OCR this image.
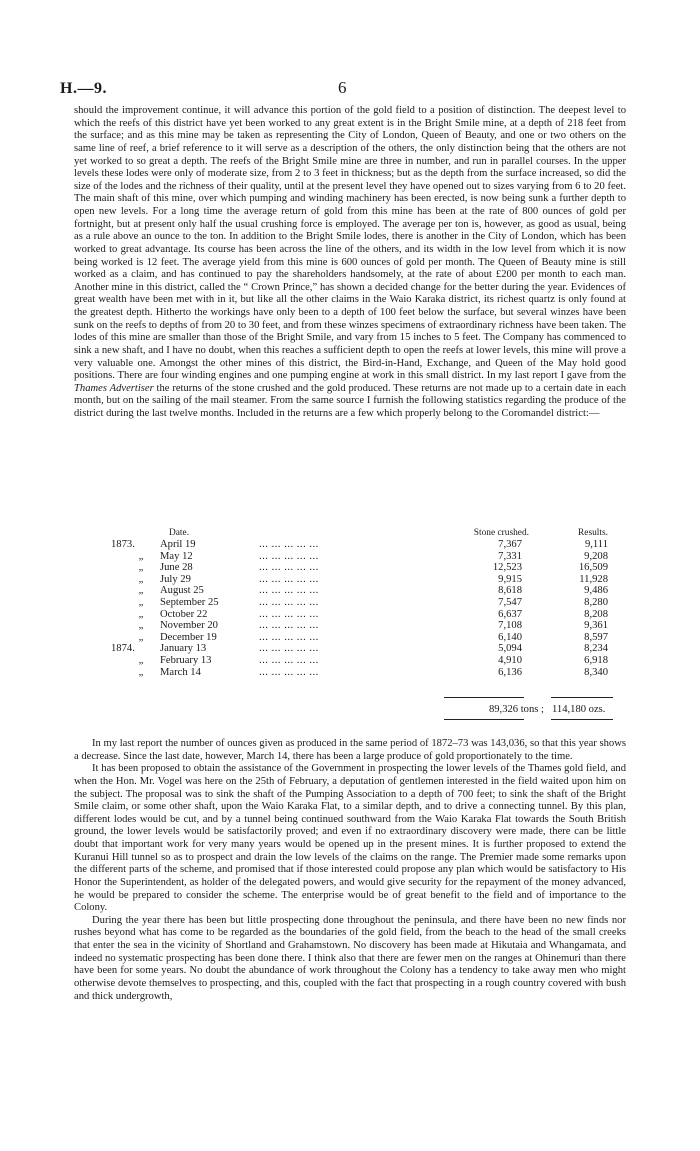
H.—9.	6

should the improvement continue, it will advance this portion of the gold field to a position of distinction. The deepest level to which the reefs of this district have yet been worked to any great extent is in the Bright Smile mine, at a depth of 218 feet from the surface; and as this mine may be taken as representing the City of London, Queen of Beauty, and one or two others on the same line of reef, a brief reference to it will serve as a description of the others, the only distinction being that the others are not yet worked to so great a depth. The reefs of the Bright Smile mine are three in number, and run in parallel courses. In the upper levels these lodes were only of moderate size, from 2 to 3 feet in thickness; but as the depth from the surface increased, so did the size of the lodes and the richness of their quality, until at the present level they have opened out to sizes varying from 6 to 20 feet. The main shaft of this mine, over which pumping and winding machinery has been erected, is now being sunk a further depth to open new levels. For a long time the average return of gold from this mine has been at the rate of 800 ounces of gold per fortnight, but at present only half the usual crushing force is employed. The average per ton is, however, as good as usual, being as a rule above an ounce to the ton. In addition to the Bright Smile lodes, there is another in the City of London, which has been worked to great advantage. Its course has been across the line of the others, and its width in the low level from which it is now being worked is 12 feet. The average yield from this mine is 600 ounces of gold per month. The Queen of Beauty mine is still worked as a claim, and has continued to pay the shareholders handsomely, at the rate of about £200 per month to each man. Another mine in this district, called the “ Crown Prince,” has shown a decided change for the better during the year. Evidences of great wealth have been met with in it, but like all the other claims in the Waio Karaka district, its richest quartz is only found at the greatest depth. Hitherto the workings have only been to a depth of 100 feet below the surface, but several winzes have been sunk on the reefs to depths of from 20 to 30 feet, and from these winzes specimens of extraordinary richness have been taken. The lodes of this mine are smaller than those of the Bright Smile, and vary from 15 inches to 5 feet. The Company has commenced to sink a new shaft, and I have no doubt, when this reaches a sufficient depth to open the reefs at lower levels, this mine will prove a very valuable one. Amongst the other mines of this district, the Bird-in-Hand, Exchange, and Queen of the May hold good positions. There are four winding engines and one pumping engine at work in this small district. In my last report I gave from the Thames Advertiser the returns of the stone crushed and the gold produced. These returns are not made up to a certain date in each month, but on the sailing of the mail steamer. From the same source I furnish the following statistics regarding the produce of the district during the last twelve months. Included in the returns are a few which properly belong to the Coromandel district:—

Date.	Stone crushed.	Results.
1873.	April 19	... ... ... ... ...	7,367	9,111
„	May 12	... ... ... ... ...	7,331	9,208
„	June 28	... ... ... ... ...	12,523	16,509
„	July 29	... ... ... ... ...	9,915	11,928
„	August 25	... ... ... ... ...	8,618	9,486
„	September 25	... ... ... ... ...	7,547	8,280
„	October 22	... ... ... ... ...	6,637	8,208
„	November 20	... ... ... ... ...	7,108	9,361
„	December 19	... ... ... ... ...	6,140	8,597
1874.	January 13	... ... ... ... ...	5,094	8,234
„	February 13	... ... ... ... ...	4,910	6,918
„	March 14	... ... ... ... ...	6,136	8,340
89,326 tons ; 114,180 ozs.

In my last report the number of ounces given as produced in the same period of 1872–73 was 143,036, so that this year shows a decrease. Since the last date, however, March 14, there has been a large produce of gold proportionately to the time.

It has been proposed to obtain the assistance of the Government in prospecting the lower levels of the Thames gold field, and when the Hon. Mr. Vogel was here on the 25th of February, a deputation of gentlemen interested in the field waited upon him on the subject. The proposal was to sink the shaft of the Pumping Association to a depth of 700 feet; to sink the shaft of the Bright Smile claim, or some other shaft, upon the Waio Karaka Flat, to a similar depth, and to drive a connecting tunnel. By this plan, different lodes would be cut, and by a tunnel being continued southward from the Waio Karaka Flat towards the South British ground, the lower levels would be satisfactorily proved; and even if no extraordinary discovery were made, there can be little doubt that important work for very many years would be opened up in the present mines. It is further proposed to extend the Kuranui Hill tunnel so as to prospect and drain the low levels of the claims on the range. The Premier made some remarks upon the different parts of the scheme, and promised that if those interested could propose any plan which would be satisfactory to His Honor the Superintendent, as holder of the delegated powers, and would give security for the repayment of the money advanced, he would be prepared to consider the scheme. The enterprise would be of great benefit to the field and of importance to the Colony.

During the year there has been but little prospecting done throughout the peninsula, and there have been no new finds nor rushes beyond what has come to be regarded as the boundaries of the gold field, from the beach to the head of the small creeks that enter the sea in the vicinity of Shortland and Grahamstown. No discovery has been made at Hikutaia and Whangamata, and indeed no systematic prospecting has been done there. I think also that there are fewer men on the ranges at Ohinemuri than there have been for some years. No doubt the abundance of work throughout the Colony has a tendency to take away men who might otherwise devote themselves to prospecting, and this, coupled with the fact that prospecting in a rough country covered with bush and thick undergrowth,
